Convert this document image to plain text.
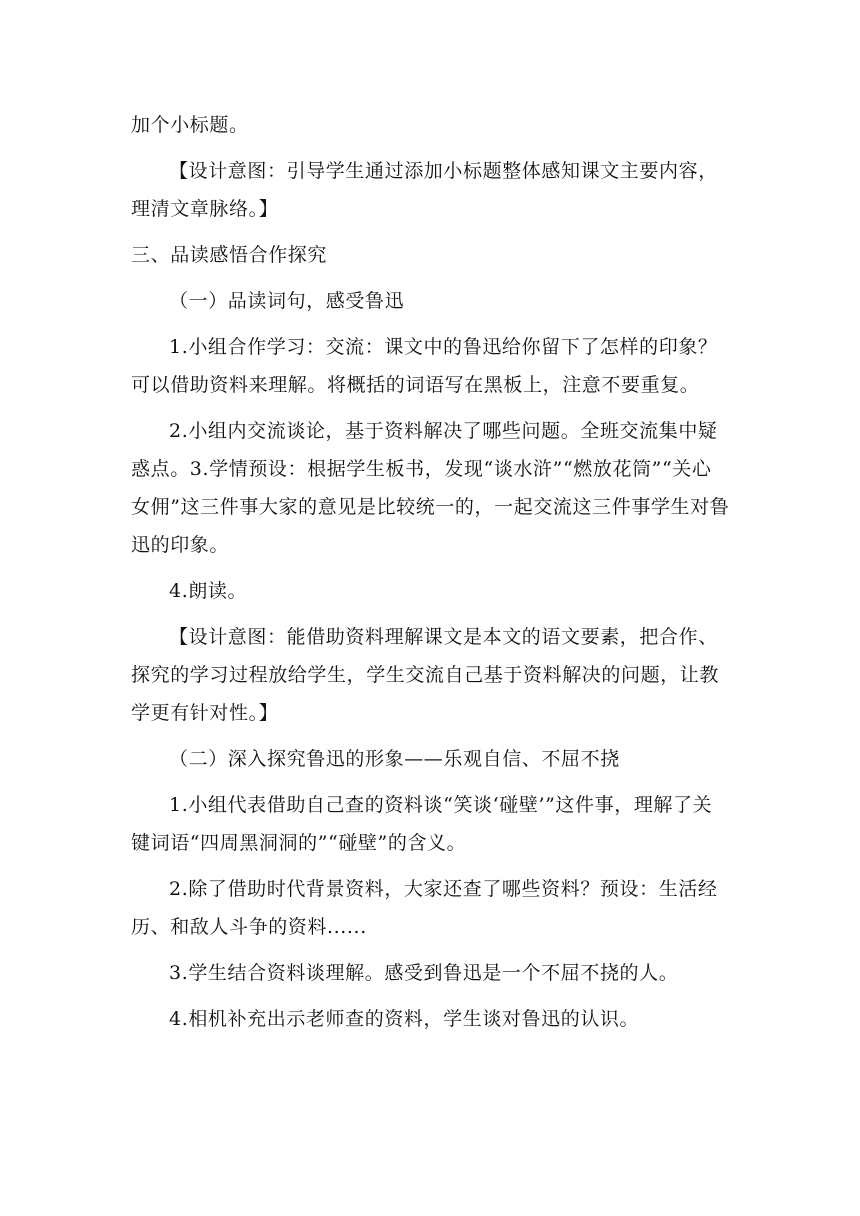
加个小标题。

【设计意图：引导学生通过添加小标题整体感知课文主要内容，理清文章脉络。】

三、品读感悟合作探究

（一）品读词句，感受鲁迅

1.小组合作学习：交流：课文中的鲁迅给你留下了怎样的印象？可以借助资料来理解。将概括的词语写在黑板上，注意不要重复。

2.小组内交流谈论，基于资料解决了哪些问题。全班交流集中疑惑点。3.学情预设：根据学生板书，发现“谈水浒”“燃放花筒”“关心女佣”这三件事大家的意见是比较统一的，一起交流这三件事学生对鲁迅的印象。

4.朗读。

【设计意图：能借助资料理解课文是本文的语文要素，把合作、探究的学习过程放给学生，学生交流自己基于资料解决的问题，让教学更有针对性。】

（二）深入探究鲁迅的形象——乐观自信、不屈不挠

1.小组代表借助自己查的资料谈“笑谈‘碰壁’”这件事，理解了关键词语“四周黑洞洞的”“碰壁”的含义。

2.除了借助时代背景资料，大家还查了哪些资料？预设：生活经历、和敌人斗争的资料......

3.学生结合资料谈理解。感受到鲁迅是一个不屈不挠的人。

4.相机补充出示老师查的资料，学生谈对鲁迅的认识。
